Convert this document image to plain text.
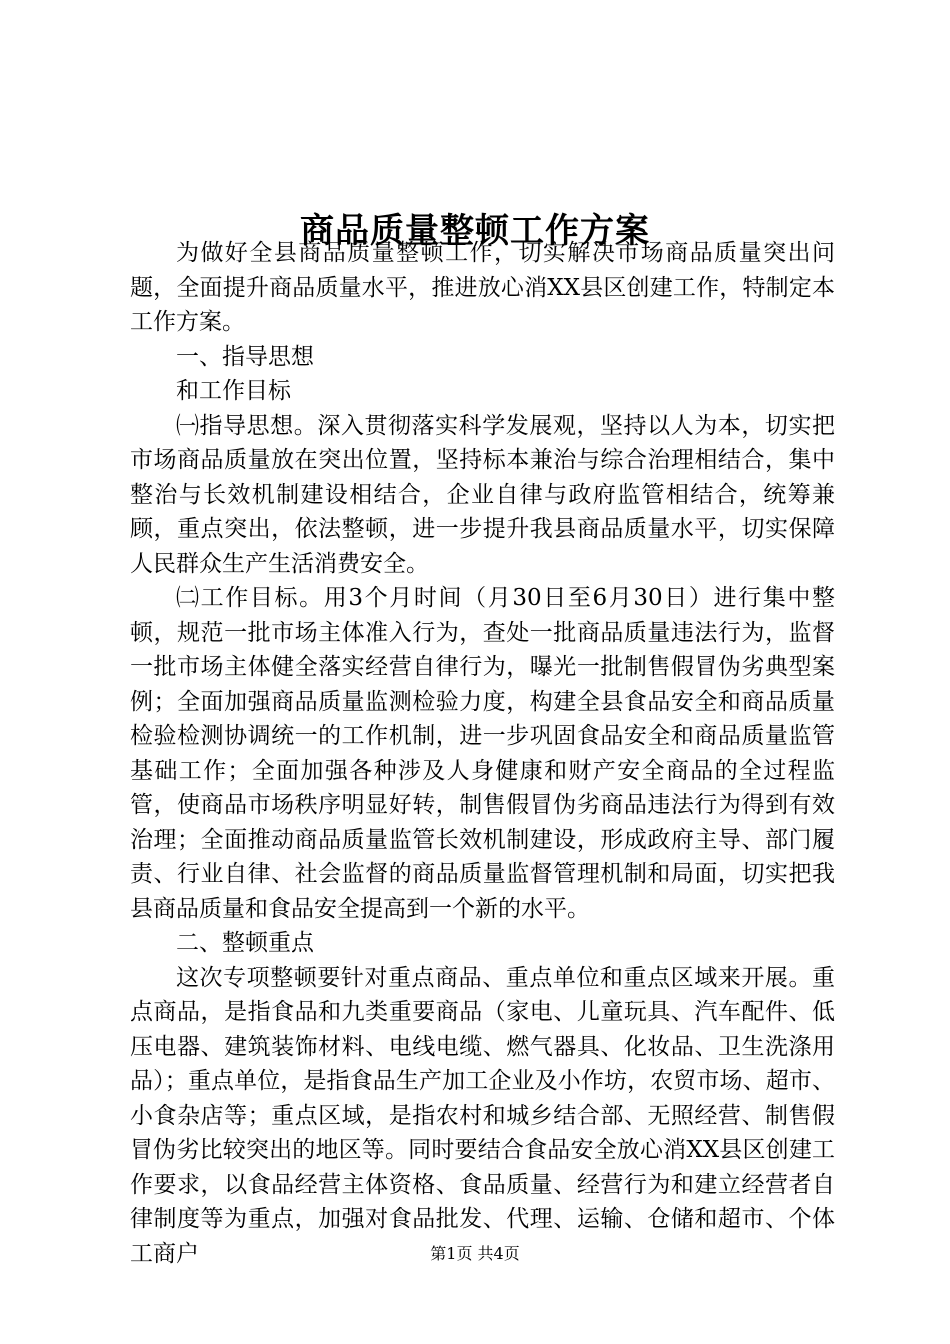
商品质量整顿工作方案

为做好全县商品质量整顿工作，切实解决市场商品质量突出问题，全面提升商品质量水平，推进放心消XX县区创建工作，特制定本工作方案。

一、指导思想

和工作目标

㈠指导思想。深入贯彻落实科学发展观，坚持以人为本，切实把市场商品质量放在突出位置，坚持标本兼治与综合治理相结合，集中整治与长效机制建设相结合，企业自律与政府监管相结合，统筹兼顾，重点突出，依法整顿，进一步提升我县商品质量水平，切实保障人民群众生产生活消费安全。

㈡工作目标。用3个月时间（月30日至6月30日）进行集中整顿，规范一批市场主体准入行为，查处一批商品质量违法行为，监督一批市场主体健全落实经营自律行为，曝光一批制售假冒伪劣典型案例；全面加强商品质量监测检验力度，构建全县食品安全和商品质量检验检测协调统一的工作机制，进一步巩固食品安全和商品质量监管基础工作；全面加强各种涉及人身健康和财产安全商品的全过程监管，使商品市场秩序明显好转，制售假冒伪劣商品违法行为得到有效治理；全面推动商品质量监管长效机制建设，形成政府主导、部门履责、行业自律、社会监督的商品质量监督管理机制和局面，切实把我县商品质量和食品安全提高到一个新的水平。

二、整顿重点

这次专项整顿要针对重点商品、重点单位和重点区域来开展。重点商品，是指食品和九类重要商品（家电、儿童玩具、汽车配件、低压电器、建筑装饰材料、电线电缆、燃气器具、化妆品、卫生洗涤用品）；重点单位，是指食品生产加工企业及小作坊，农贸市场、超市、小食杂店等；重点区域，是指农村和城乡结合部、无照经营、制售假冒伪劣比较突出的地区等。同时要结合食品安全放心消XX县区创建工作要求，以食品经营主体资格、食品质量、经营行为和建立经营者自律制度等为重点，加强对食品批发、代理、运输、仓储和超市、个体工商户	第1页 共4页
